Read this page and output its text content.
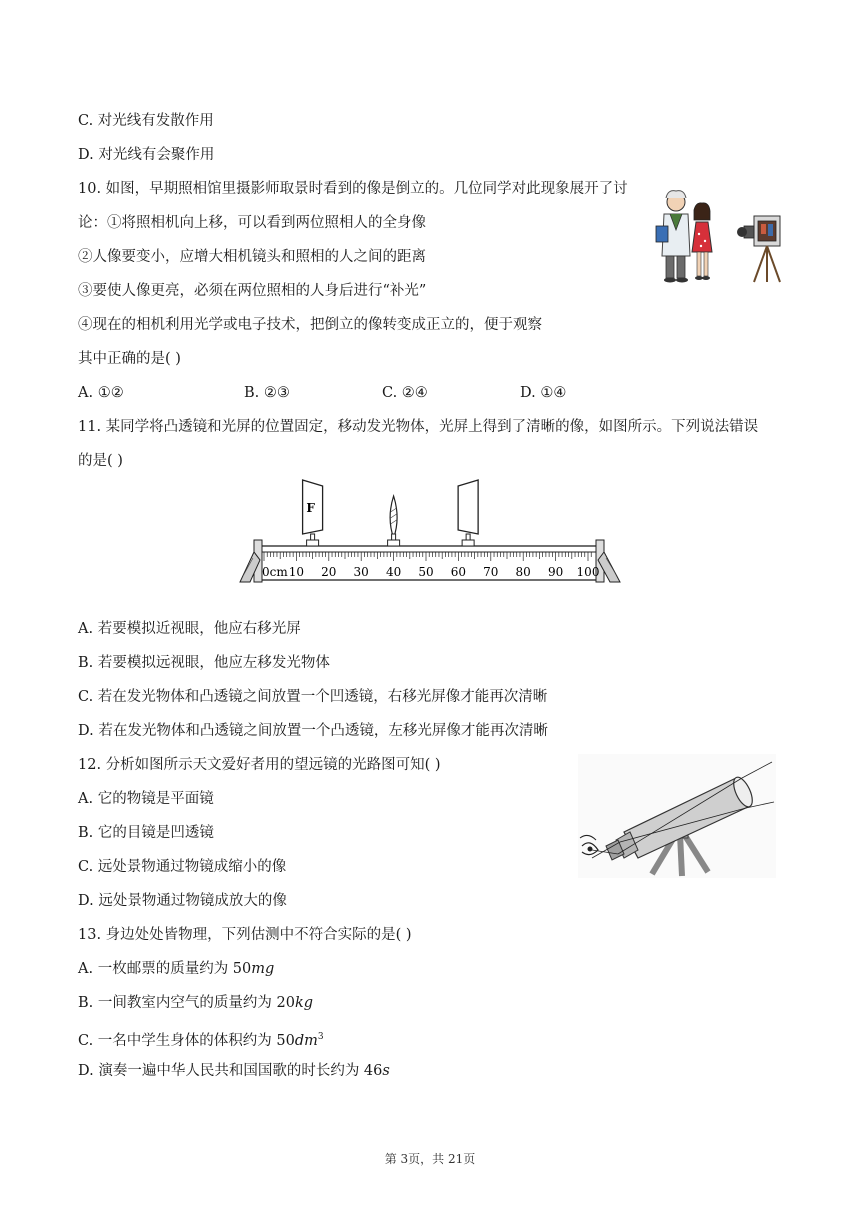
C. 对光线有发散作用
D. 对光线有会聚作用
10. 如图，早期照相馆里摄影师取景时看到的像是倒立的。几位同学对此现象展开了讨
论：①将照相机向上移，可以看到两位照相人的全身像
②人像要变小，应增大相机镜头和照相的人之间的距离
③要使人像更亮，必须在两位照相的人身后进行“补光”
④现在的相机利用光学或电子技术，把倒立的像转变成正立的，便于观察
其中正确的是( )
A. ①②	B. ②③	C. ②④	D. ①④
11. 某同学将凸透镜和光屏的位置固定，移动发光物体，光屏上得到了清晰的像，如图所示。下列说法错误
的是( )
0cm 10 20 30 40 50 60 70 80 90 100
F
A. 若要模拟近视眼，他应右移光屏
B. 若要模拟远视眼，他应左移发光物体
C. 若在发光物体和凸透镜之间放置一个凹透镜，右移光屏像才能再次清晰
D. 若在发光物体和凸透镜之间放置一个凸透镜，左移光屏像才能再次清晰
12. 分析如图所示天文爱好者用的望远镜的光路图可知( )
A. 它的物镜是平面镜
B. 它的目镜是凹透镜
C. 远处景物通过物镜成缩小的像
D. 远处景物通过物镜成放大的像
13. 身边处处皆物理，下列估测中不符合实际的是( )
A. 一枚邮票的质量约为 50mg
B. 一间教室内空气的质量约为 20kg
C. 一名中学生身体的体积约为 $50dm^3$
D. 演奏一遍中华人民共和国国歌的时长约为 46s
第 3页，共 21页
